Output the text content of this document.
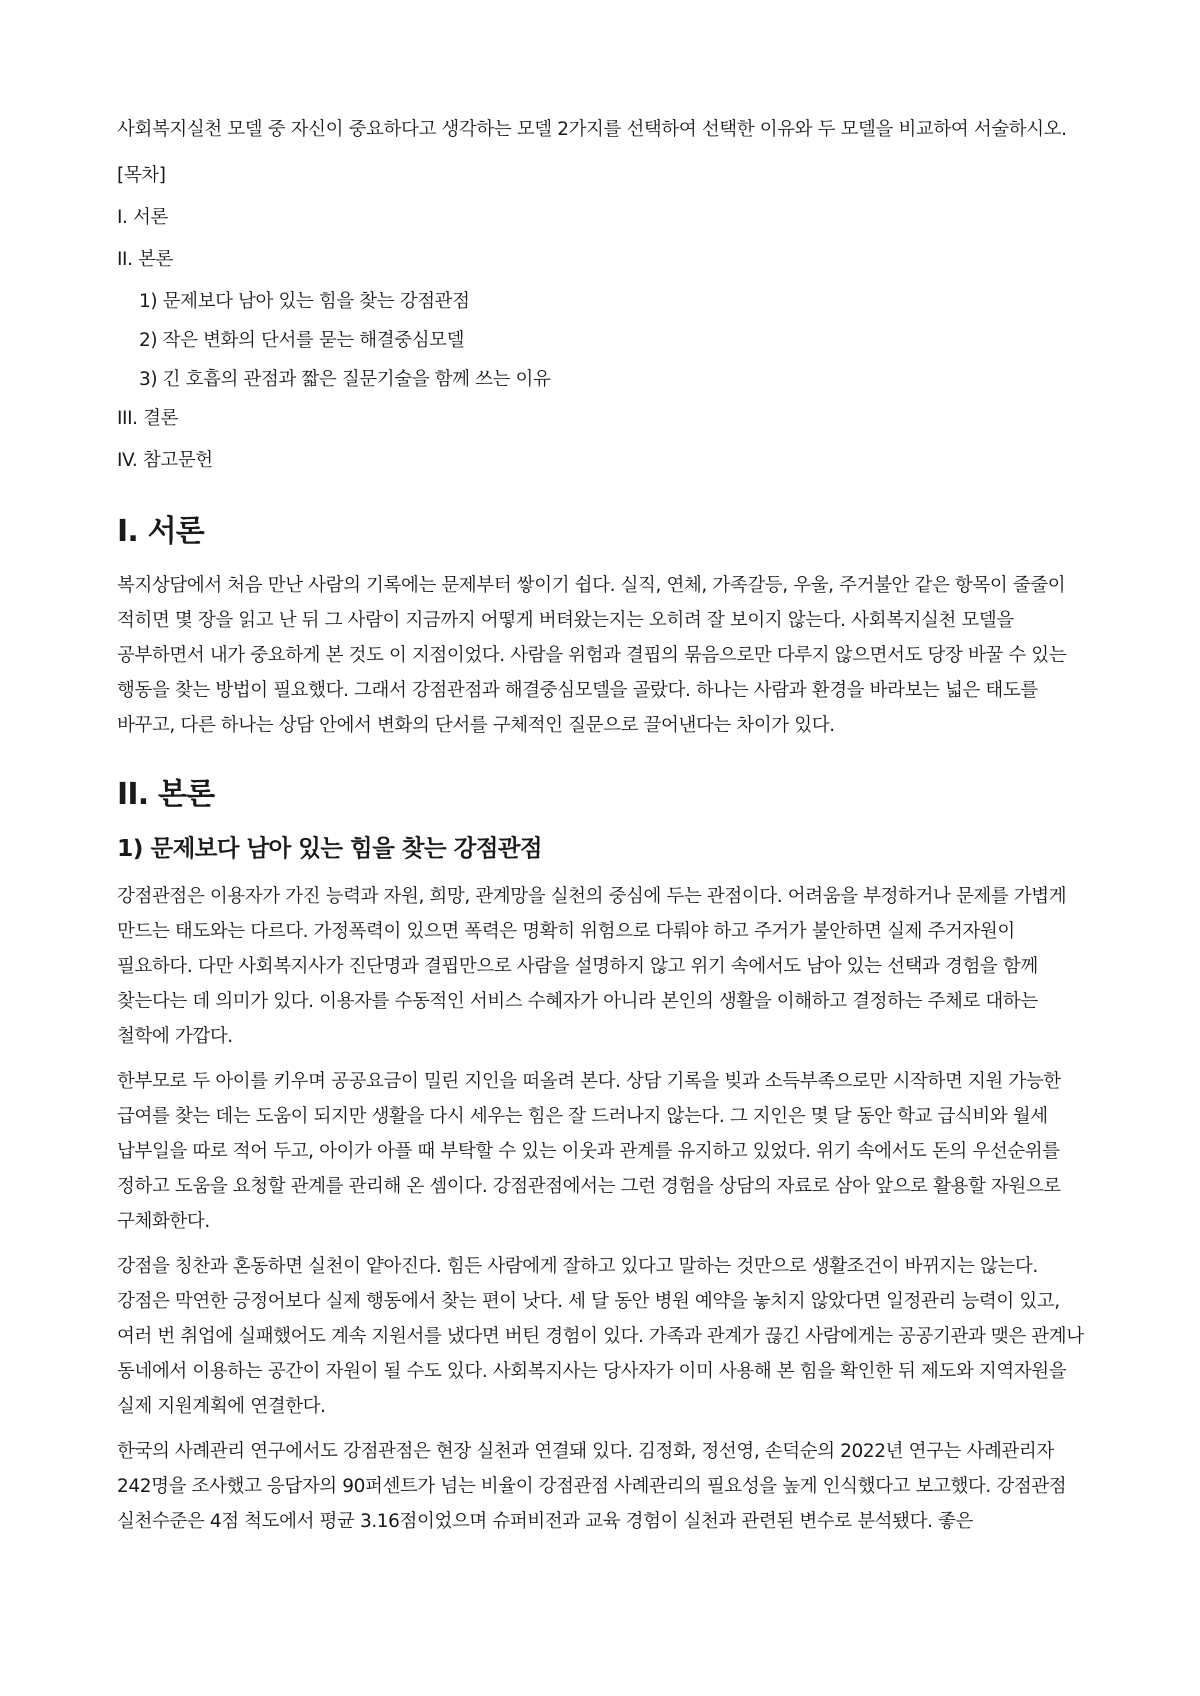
사회복지실천 모델 중 자신이 중요하다고 생각하는 모델 2가지를 선택하여 선택한 이유와 두 모델을 비교하여 서술하시오.

[목차]
I. 서론
II. 본론
1) 문제보다 남아 있는 힘을 찾는 강점관점
2) 작은 변화의 단서를 묻는 해결중심모델
3) 긴 호흡의 관점과 짧은 질문기술을 함께 쓰는 이유
III. 결론
IV. 참고문헌
I. 서론

복지상담에서 처음 만난 사람의 기록에는 문제부터 쌓이기 쉽다. 실직, 연체, 가족갈등, 우울, 주거불안 같은 항목이 줄줄이 적히면 몇 장을 읽고 난 뒤 그 사람이 지금까지 어떻게 버텨왔는지는 오히려 잘 보이지 않는다. 사회복지실천 모델을 공부하면서 내가 중요하게 본 것도 이 지점이었다. 사람을 위험과 결핍의 묶음으로만 다루지 않으면서도 당장 바꿀 수 있는 행동을 찾는 방법이 필요했다. 그래서 강점관점과 해결중심모델을 골랐다. 하나는 사람과 환경을 바라보는 넓은 태도를 바꾸고, 다른 하나는 상담 안에서 변화의 단서를 구체적인 질문으로 끌어낸다는 차이가 있다.

II. 본론
1) 문제보다 남아 있는 힘을 찾는 강점관점

강점관점은 이용자가 가진 능력과 자원, 희망, 관계망을 실천의 중심에 두는 관점이다. 어려움을 부정하거나 문제를 가볍게 만드는 태도와는 다르다. 가정폭력이 있으면 폭력은 명확히 위험으로 다뤄야 하고 주거가 불안하면 실제 주거자원이 필요하다. 다만 사회복지사가 진단명과 결핍만으로 사람을 설명하지 않고 위기 속에서도 남아 있는 선택과 경험을 함께 찾는다는 데 의미가 있다. 이용자를 수동적인 서비스 수혜자가 아니라 본인의 생활을 이해하고 결정하는 주체로 대하는 철학에 가깝다.

한부모로 두 아이를 키우며 공공요금이 밀린 지인을 떠올려 본다. 상담 기록을 빚과 소득부족으로만 시작하면 지원 가능한 급여를 찾는 데는 도움이 되지만 생활을 다시 세우는 힘은 잘 드러나지 않는다. 그 지인은 몇 달 동안 학교 급식비와 월세 납부일을 따로 적어 두고, 아이가 아플 때 부탁할 수 있는 이웃과 관계를 유지하고 있었다. 위기 속에서도 돈의 우선순위를 정하고 도움을 요청할 관계를 관리해 온 셈이다. 강점관점에서는 그런 경험을 상담의 자료로 삼아 앞으로 활용할 자원으로 구체화한다.

강점을 칭찬과 혼동하면 실천이 얕아진다. 힘든 사람에게 잘하고 있다고 말하는 것만으로 생활조건이 바뀌지는 않는다. 강점은 막연한 긍정어보다 실제 행동에서 찾는 편이 낫다. 세 달 동안 병원 예약을 놓치지 않았다면 일정관리 능력이 있고, 여러 번 취업에 실패했어도 계속 지원서를 냈다면 버틴 경험이 있다. 가족과 관계가 끊긴 사람에게는 공공기관과 맺은 관계나 동네에서 이용하는 공간이 자원이 될 수도 있다. 사회복지사는 당사자가 이미 사용해 본 힘을 확인한 뒤 제도와 지역자원을 실제 지원계획에 연결한다.

한국의 사례관리 연구에서도 강점관점은 현장 실천과 연결돼 있다. 김정화, 정선영, 손덕순의 2022년 연구는 사례관리자 242명을 조사했고 응답자의 90퍼센트가 넘는 비율이 강점관점 사례관리의 필요성을 높게 인식했다고 보고했다. 강점관점 실천수준은 4점 척도에서 평균 3.16점이었으며 슈퍼비전과 교육 경험이 실천과 관련된 변수로 분석됐다. 좋은
